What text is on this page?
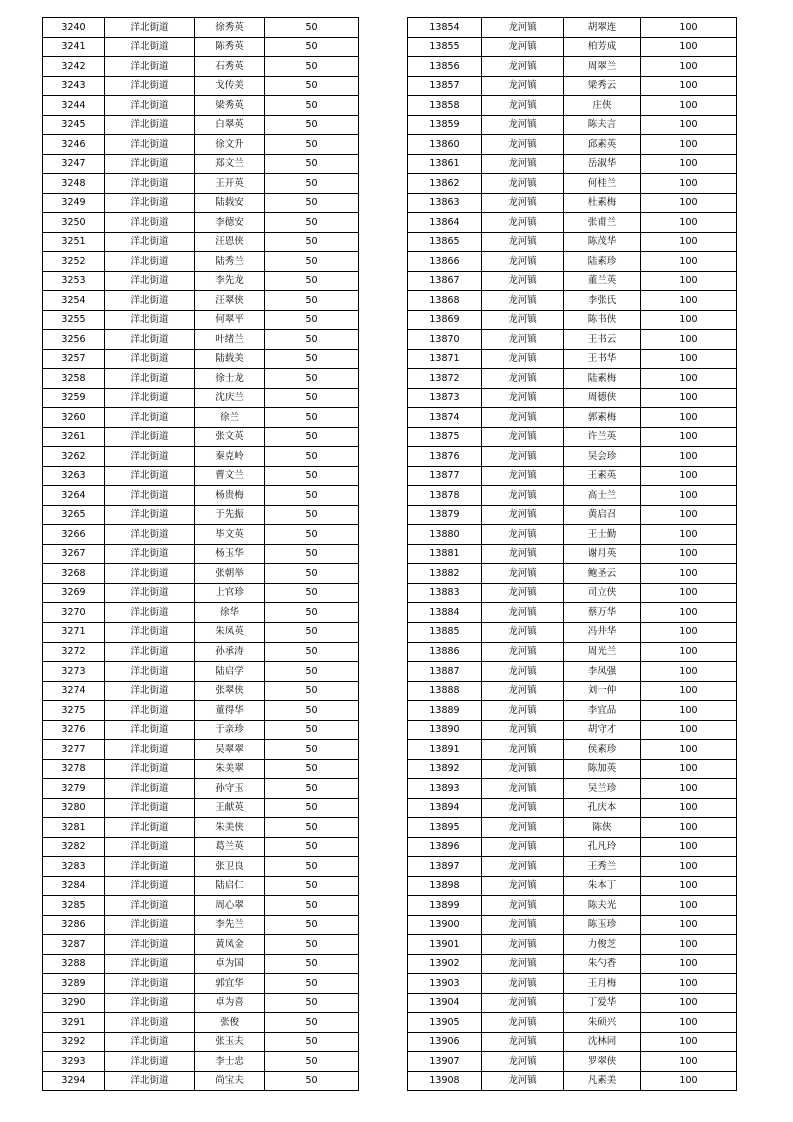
3240	洋北街道	徐秀英	50
3241	洋北街道	陈秀英	50
3242	洋北街道	石秀英	50
3243	洋北街道	戈传美	50
3244	洋北街道	梁秀英	50
3245	洋北街道	白翠英	50
3246	洋北街道	徐文升	50
3247	洋北街道	郑文兰	50
3248	洋北街道	王开英	50
3249	洋北街道	陆载安	50
3250	洋北街道	李德安	50
3251	洋北街道	汪恩侠	50
3252	洋北街道	陆秀兰	50
3253	洋北街道	李先龙	50
3254	洋北街道	汪翠侠	50
3255	洋北街道	何翠平	50
3256	洋北街道	叶绪兰	50
3257	洋北街道	陆载美	50
3258	洋北街道	徐士龙	50
3259	洋北街道	沈庆兰	50
3260	洋北街道	徐兰	50
3261	洋北街道	张文英	50
3262	洋北街道	秦克岭	50
3263	洋北街道	曹文兰	50
3264	洋北街道	杨贵梅	50
3265	洋北街道	于先振	50
3266	洋北街道	毕文英	50
3267	洋北街道	杨玉华	50
3268	洋北街道	张朝举	50
3269	洋北街道	上官珍	50
3270	洋北街道	徐华	50
3271	洋北街道	朱凤英	50
3272	洋北街道	孙承涛	50
3273	洋北街道	陆启学	50
3274	洋北街道	张翠侠	50
3275	洋北街道	董得华	50
3276	洋北街道	于亲珍	50
3277	洋北街道	吴翠翠	50
3278	洋北街道	朱美翠	50
3279	洋北街道	孙守玉	50
3280	洋北街道	王献英	50
3281	洋北街道	朱美侠	50
3282	洋北街道	葛兰英	50
3283	洋北街道	张卫良	50
3284	洋北街道	陆启仁	50
3285	洋北街道	周心翠	50
3286	洋北街道	李先兰	50
3287	洋北街道	黄凤金	50
3288	洋北街道	卓为国	50
3289	洋北街道	郭宜华	50
3290	洋北街道	卓为喜	50
3291	洋北街道	张俊	50
3292	洋北街道	张玉夫	50
3293	洋北街道	李士忠	50
3294	洋北街道	尚宝夫	50
13854	龙河镇	胡翠连	100
13855	龙河镇	柏芳成	100
13856	龙河镇	周翠兰	100
13857	龙河镇	梁秀云	100
13858	龙河镇	庄侠	100
13859	龙河镇	陈夫言	100
13860	龙河镇	邱素英	100
13861	龙河镇	岳淑华	100
13862	龙河镇	何桂兰	100
13863	龙河镇	杜素梅	100
13864	龙河镇	张甫兰	100
13865	龙河镇	陈茂华	100
13866	龙河镇	陆素珍	100
13867	龙河镇	董兰英	100
13868	龙河镇	李张氏	100
13869	龙河镇	陈书侠	100
13870	龙河镇	王书云	100
13871	龙河镇	王书华	100
13872	龙河镇	陆素梅	100
13873	龙河镇	周德侠	100
13874	龙河镇	郭素梅	100
13875	龙河镇	许兰英	100
13876	龙河镇	吴会珍	100
13877	龙河镇	王素英	100
13878	龙河镇	高士兰	100
13879	龙河镇	黄启召	100
13880	龙河镇	王士勤	100
13881	龙河镇	谢月英	100
13882	龙河镇	鲍圣云	100
13883	龙河镇	司立侠	100
13884	龙河镇	蔡万华	100
13885	龙河镇	冯井华	100
13886	龙河镇	周光兰	100
13887	龙河镇	李凤强	100
13888	龙河镇	刘一仲	100
13889	龙河镇	李宜品	100
13890	龙河镇	胡守才	100
13891	龙河镇	侯素珍	100
13892	龙河镇	陈加英	100
13893	龙河镇	吴兰珍	100
13894	龙河镇	孔庆本	100
13895	龙河镇	陈侠	100
13896	龙河镇	孔凡玲	100
13897	龙河镇	王秀兰	100
13898	龙河镇	朱本丁	100
13899	龙河镇	陈夫光	100
13900	龙河镇	陈玉珍	100
13901	龙河镇	力俊芝	100
13902	龙河镇	朱勺香	100
13903	龙河镇	王月梅	100
13904	龙河镇	丁爱华	100
13905	龙河镇	朱硕兴	100
13906	龙河镇	沈林同	100
13907	龙河镇	罗翠侠	100
13908	龙河镇	凡素美	100
